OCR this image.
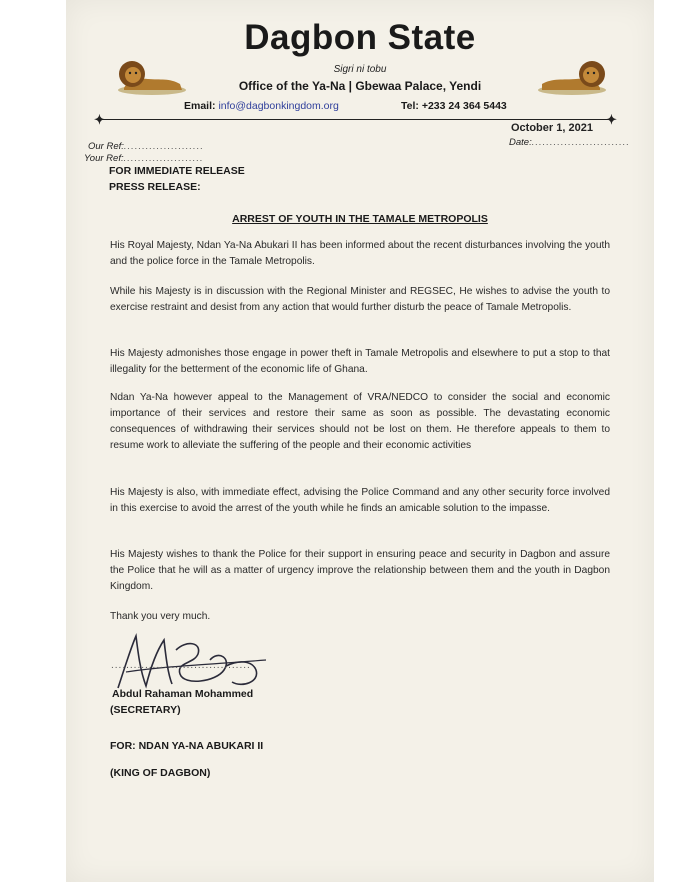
Dagbon State
Sigri ni tobu
Office of the Ya-Na | Gbewaa Palace, Yendi
Email: info@dagbonkingdom.org	Tel: +233 24 364 5443
✦	✦
October 1, 2021
Our Ref:......................
Your Ref:......................
Date:...........................
FOR IMMEDIATE RELEASE
PRESS RELEASE:
ARREST OF YOUTH IN THE TAMALE METROPOLIS

His Royal Majesty, Ndan Ya-Na Abukari II has been informed about the recent disturbances involving the youth and the police force in the Tamale Metropolis.

While his Majesty is in discussion with the Regional Minister and REGSEC, He wishes to advise the youth to exercise restraint and desist from any action that would further disturb the peace of Tamale Metropolis.

His Majesty admonishes those engage in power theft in Tamale Metropolis and elsewhere to put a stop to that illegality for the betterment of the economic life of Ghana.

Ndan Ya-Na however appeal to the Management of VRA/NEDCO to consider the social and economic importance of their services and restore their same as soon as possible. The devastating economic consequences of withdrawing their services should not be lost on them. He therefore appeals to them to resume work to alleviate the suffering of the people and their economic activities

His Majesty is also, with immediate effect, advising the Police Command and any other security force involved in this exercise to avoid the arrest of the youth while he finds an amicable solution to the impasse.

His Majesty wishes to thank the Police for their support in ensuring peace and security in Dagbon and assure the Police that he will as a matter of urgency improve the relationship between them and the youth in Dagbon Kingdom.

Thank you very much.

.....................................
Abdul Rahaman Mohammed
(SECRETARY)
FOR: NDAN YA-NA ABUKARI II
(KING OF DAGBON)
